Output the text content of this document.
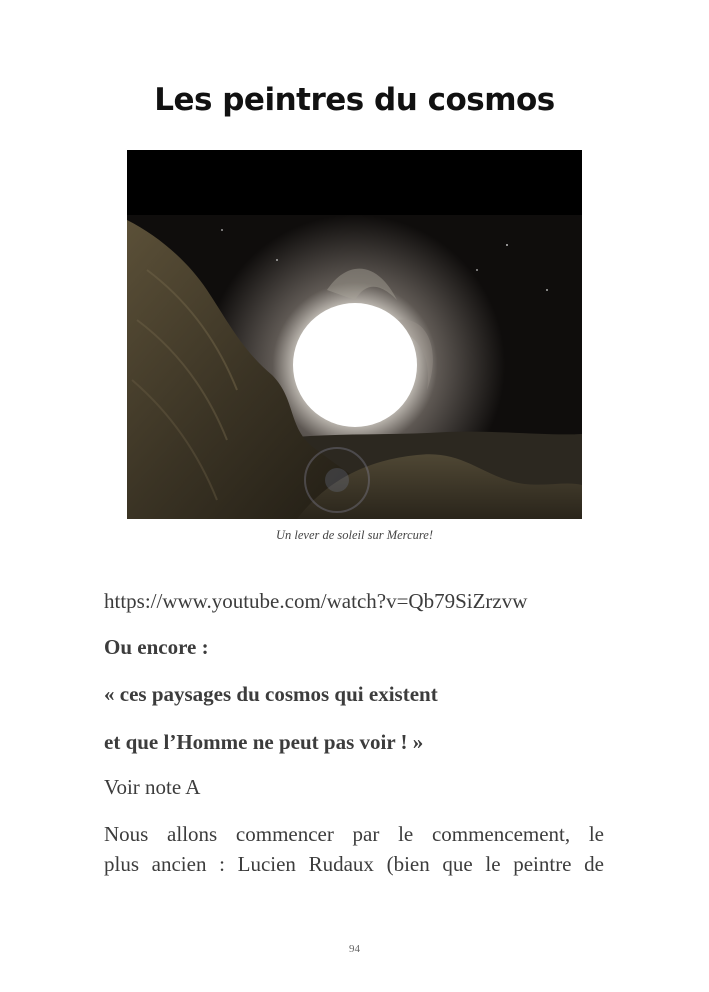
Les peintres du cosmos
Un lever de soleil sur Mercure!
https://www.youtube.com/watch?v=Qb79SiZrzvw
Ou encore :
« ces paysages du cosmos qui existent
et que l’Homme ne peut pas voir ! »
Voir note A
Nous allons commencer par le commencement, le
plus ancien : Lucien Rudaux (bien que le peintre de
94
